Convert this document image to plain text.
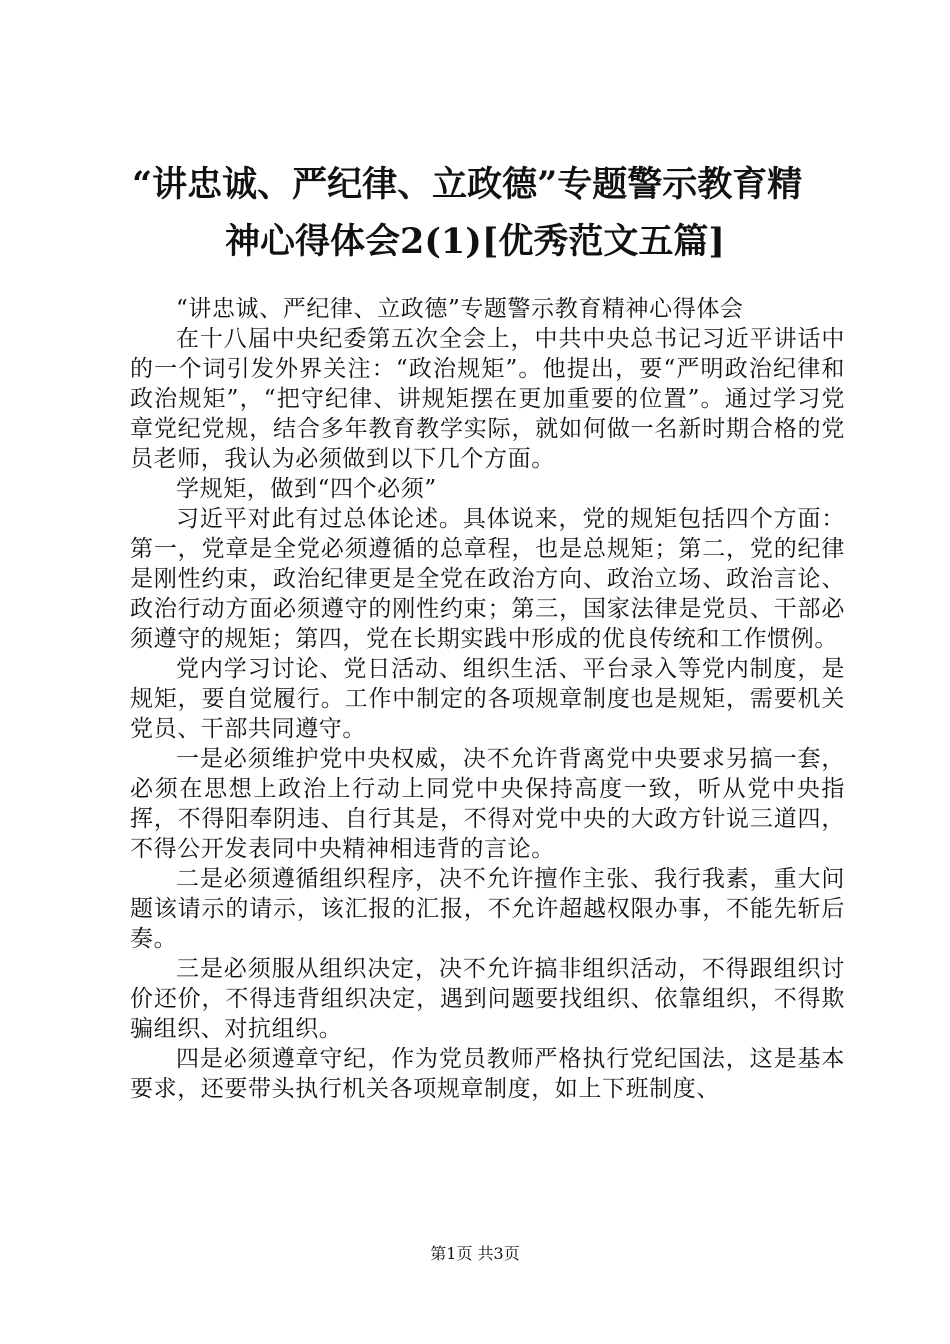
“讲忠诚、严纪律、立政德”专题警示教育精
神心得体会2(1)[优秀范文五篇]

“讲忠诚、严纪律、立政德”专题警示教育精神心得体会

在十八届中央纪委第五次全会上，中共中央总书记习近平讲话中的一个词引发外界关注：“政治规矩”。他提出，要“严明政治纪律和政治规矩”，“把守纪律、讲规矩摆在更加重要的位置”。通过学习党章党纪党规，结合多年教育教学实际，就如何做一名新时期合格的党员老师，我认为必须做到以下几个方面。

学规矩，做到“四个必须”

习近平对此有过总体论述。具体说来，党的规矩包括四个方面：第一，党章是全党必须遵循的总章程，也是总规矩；第二，党的纪律是刚性约束，政治纪律更是全党在政治方向、政治立场、政治言论、政治行动方面必须遵守的刚性约束；第三，国家法律是党员、干部必须遵守的规矩；第四，党在长期实践中形成的优良传统和工作惯例。

党内学习讨论、党日活动、组织生活、平台录入等党内制度，是规矩，要自觉履行。工作中制定的各项规章制度也是规矩，需要机关党员、干部共同遵守。

一是必须维护党中央权威，决不允许背离党中央要求另搞一套，必须在思想上政治上行动上同党中央保持高度一致，听从党中央指挥，不得阳奉阴违、自行其是，不得对党中央的大政方针说三道四，不得公开发表同中央精神相违背的言论。

二是必须遵循组织程序，决不允许擅作主张、我行我素，重大问题该请示的请示，该汇报的汇报，不允许超越权限办事，不能先斩后奏。

三是必须服从组织决定，决不允许搞非组织活动，不得跟组织讨价还价，不得违背组织决定，遇到问题要找组织、依靠组织，不得欺骗组织、对抗组织。

四是必须遵章守纪，作为党员教师严格执行党纪国法，这是基本要求，还要带头执行机关各项规章制度，如上下班制度、

第1页 共3页
